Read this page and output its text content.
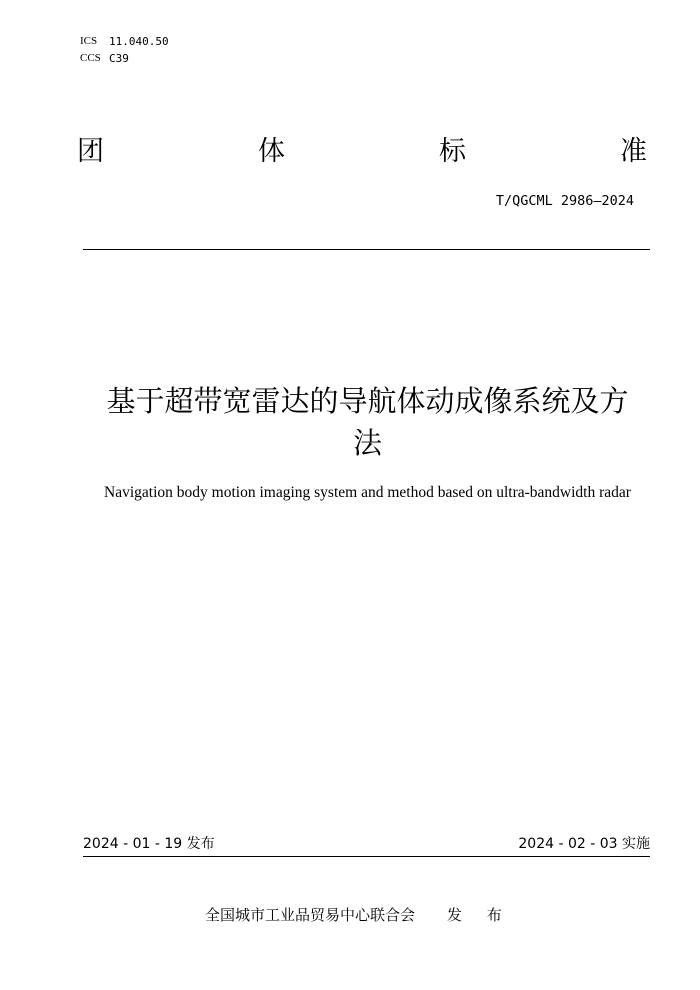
ICS	11.040.50
CCS C39
团	体	标	准
T/QGCML 2986—2024
基于超带宽雷达的导航体动成像系统及方
法
Navigation body motion imaging system and method based on ultra-bandwidth radar
2024 - 01 - 19 发布	2024 - 02 - 03 实施
全国城市工业品贸易中心联合会 发 布
